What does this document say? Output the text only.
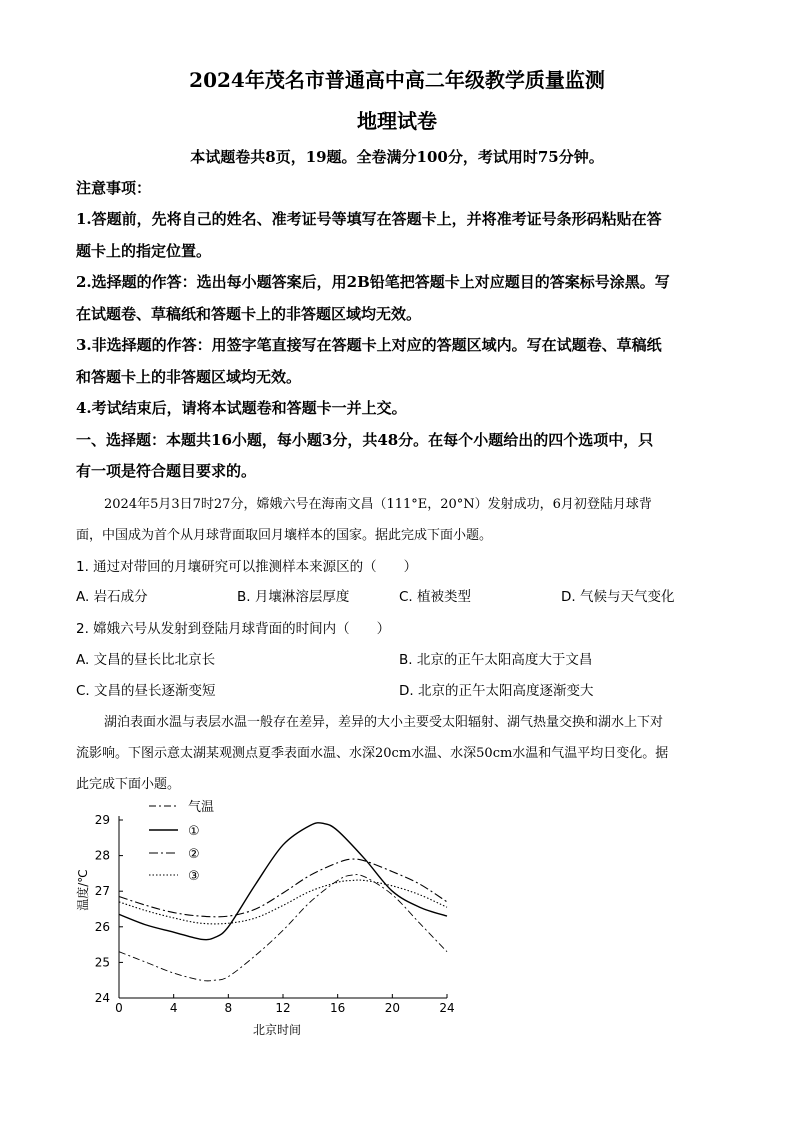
2024年茂名市普通高中高二年级教学质量监测
地理试卷
本试题卷共8页，19题。全卷满分100分，考试用时75分钟。
注意事项：
1.答题前，先将自己的姓名、准考证号等填写在答题卡上，并将准考证号条形码粘贴在答
题卡上的指定位置。
2.选择题的作答：选出每小题答案后，用2B铅笔把答题卡上对应题目的答案标号涂黑。写
在试题卷、草稿纸和答题卡上的非答题区域均无效。
3.非选择题的作答：用签字笔直接写在答题卡上对应的答题区域内。写在试题卷、草稿纸
和答题卡上的非答题区域均无效。
4.考试结束后，请将本试题卷和答题卡一并上交。
一、选择题：本题共16小题，每小题3分，共48分。在每个小题给出的四个选项中，只
有一项是符合题目要求的。
2024年5月3日7时27分，嫦娥六号在海南文昌（111°E，20°N）发射成功，6月初登陆月球背
面，中国成为首个从月球背面取回月壤样本的国家。据此完成下面小题。
1. 通过对带回的月壤研究可以推测样本来源区的（　　）
A. 岩石成分	B. 月壤淋溶层厚度	C. 植被类型	D. 气候与天气变化
2. 嫦娥六号从发射到登陆月球背面的时间内（　　）
A. 文昌的昼长比北京长	B. 北京的正午太阳高度大于文昌
C. 文昌的昼长逐渐变短	D. 北京的正午太阳高度逐渐变大
湖泊表面水温与表层水温一般存在差异，差异的大小主要受太阳辐射、湖气热量交换和湖水上下对
流影响。下图示意太湖某观测点夏季表面水温、水深20cm水温、水深50cm水温和气温平均日变化。据
此完成下面小题。
0	4	8	12	16	20	24
24
25
26
27
28
29
北京时间
温度/℃
气温
①
②
③
